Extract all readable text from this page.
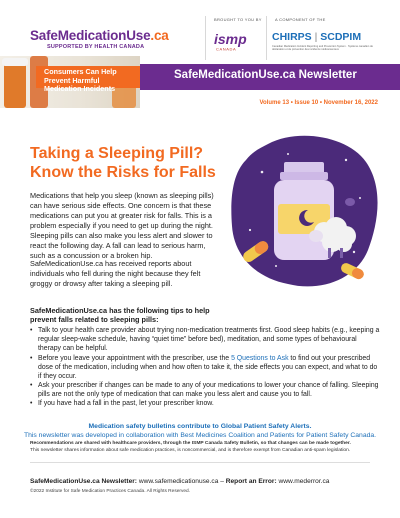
SafeMedicationUse.ca
SUPPORTED BY HEALTH CANADA
BROUGHT TO YOU BY
ismp
CANADA
A COMPONENT OF THE
CHIRPS | SCDPIM
Canadian Medication Incident Reporting and Prevention System · Système canadien de déclaration et de prévention des incidents médicamenteux
Consumers Can Help Prevent Harmful Medication Incidents
SafeMedicationUse.ca Newsletter
Volume 13 • Issue 10 • November 16, 2022
Taking a Sleeping Pill? Know the Risks for Falls

Medications that help you sleep (known as sleeping pills) can have serious side effects. One concern is that these medications can put you at greater risk for falls. This is a problem especially if you need to get up during the night. Sleeping pills can also make you less alert and slower to react the following day. A fall can lead to serious harm, such as a concussion or a broken hip.

SafeMedicationUse.ca has received reports about individuals who fell during the night because they felt groggy or drowsy after taking a sleeping pill.

SafeMedicationUse.ca has the following tips to help prevent falls related to sleeping pills:
• Talk to your health care provider about trying non-medication treatments first. Good sleep habits (e.g., keeping a regular sleep-wake schedule, having “quiet time” before bed), meditation, and some types of behavioural therapy can be helpful.
• Before you leave your appointment with the prescriber, use the 5 Questions to Ask to find out your prescribed dose of the medication, including when and how often to take it, the side effects you can expect, and what to do if they occur.
• Ask your prescriber if changes can be made to any of your medications to lower your chance of falling. Sleeping pills are not the only type of medication that can make you less alert and cause you to fall.
• If you have had a fall in the past, let your prescriber know.
Medication safety bulletins contribute to Global Patient Safety Alerts.
This newsletter was developed in collaboration with Best Medicines Coalition and Patients for Patient Safety Canada.
Recommendations are shared with healthcare providers, through the ISMP Canada Safety Bulletin, so that changes can be made together.
This newsletter shares information about safe medication practices, is noncommercial, and is therefore exempt from Canadian anti-spam legislation.
SafeMedicationUse.ca Newsletter: www.safemedicationuse.ca – Report an Error: www.mederror.ca
©2022 Institute for Safe Medication Practices Canada. All Rights Reserved.
